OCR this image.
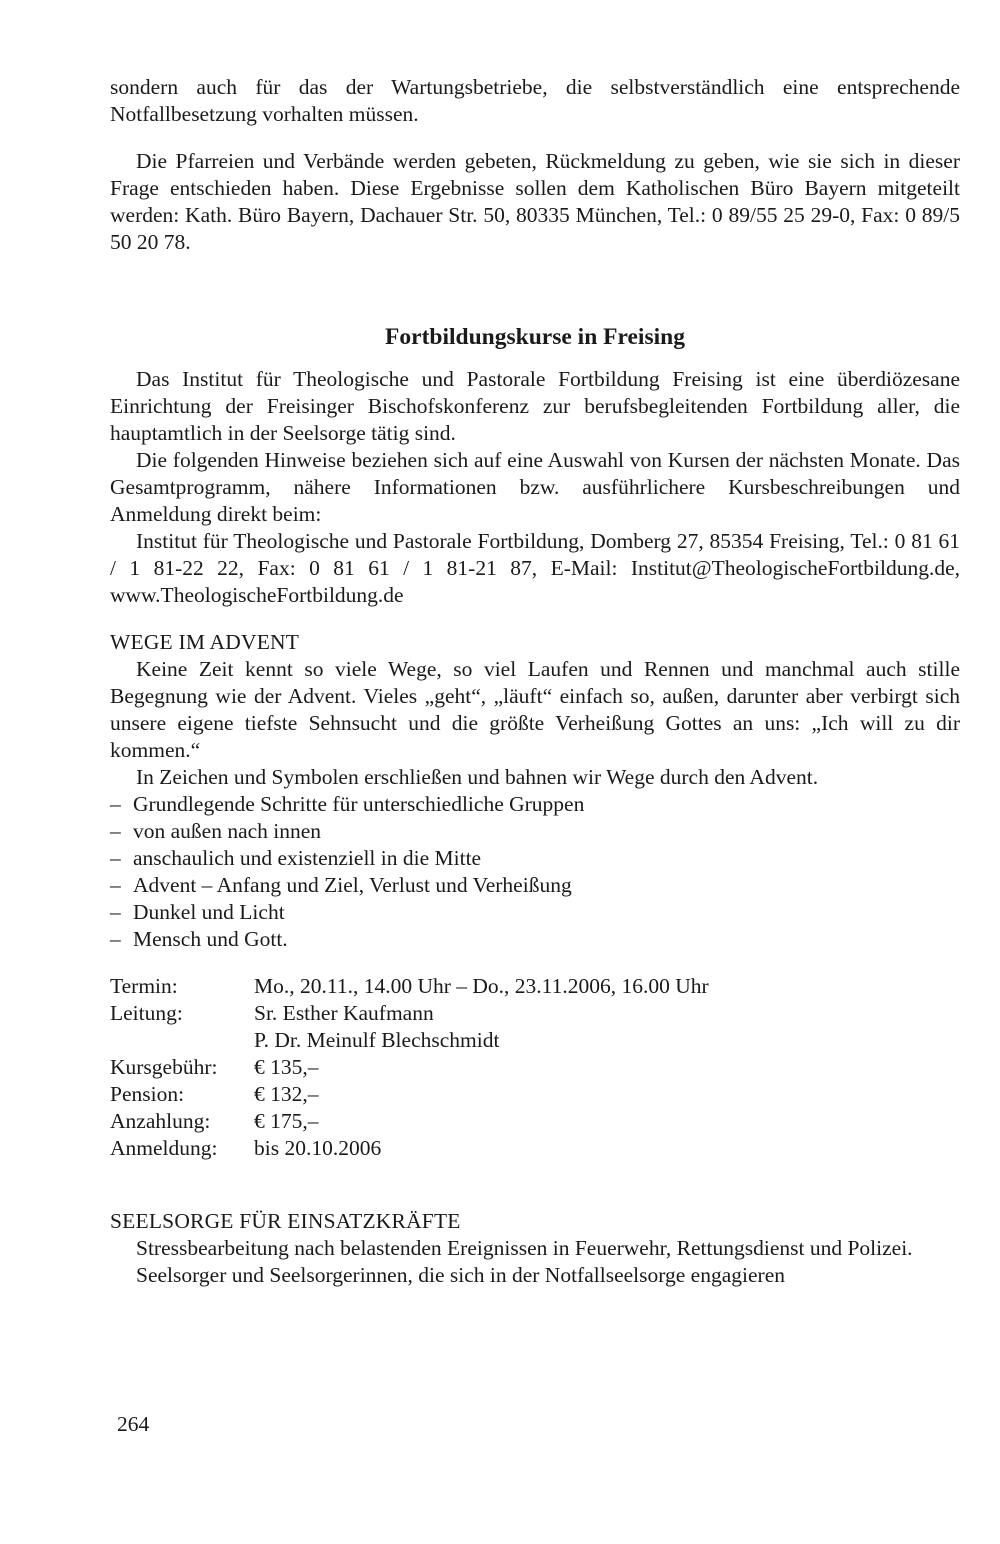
sondern auch für das der Wartungsbetriebe, die selbstverständlich eine entsprechende Notfallbesetzung vorhalten müssen.

Die Pfarreien und Verbände werden gebeten, Rückmeldung zu geben, wie sie sich in dieser Frage entschieden haben. Diese Ergebnisse sollen dem Katholischen Büro Bayern mitgeteilt werden: Kath. Büro Bayern, Dachauer Str. 50, 80335 München, Tel.: 0 89/55 25 29-0, Fax: 0 89/5 50 20 78.

Fortbildungskurse in Freising

Das Institut für Theologische und Pastorale Fortbildung Freising ist eine überdiözesane Einrichtung der Freisinger Bischofskonferenz zur berufsbegleitenden Fortbildung aller, die hauptamtlich in der Seelsorge tätig sind.

Die folgenden Hinweise beziehen sich auf eine Auswahl von Kursen der nächsten Monate. Das Gesamtprogramm, nähere Informationen bzw. ausführlichere Kursbeschreibungen und Anmeldung direkt beim:

Institut für Theologische und Pastorale Fortbildung, Domberg 27, 85354 Freising, Tel.: 0 81 61 / 1 81-22 22, Fax: 0 81 61 / 1 81-21 87, E-Mail: Institut@TheologischeFortbildung.de, www.TheologischeFortbildung.de

WEGE IM ADVENT

Keine Zeit kennt so viele Wege, so viel Laufen und Rennen und manchmal auch stille Begegnung wie der Advent. Vieles „geht“, „läuft“ einfach so, außen, darunter aber verbirgt sich unsere eigene tiefste Sehnsucht und die größte Verheißung Gottes an uns: „Ich will zu dir kommen.“

In Zeichen und Symbolen erschließen und bahnen wir Wege durch den Advent.

– Grundlegende Schritte für unterschiedliche Gruppen
– von außen nach innen
– anschaulich und existenziell in die Mitte
– Advent – Anfang und Ziel, Verlust und Verheißung
– Dunkel und Licht
– Mensch und Gott.
Termin:	Mo., 20.11., 14.00 Uhr – Do., 23.11.2006, 16.00 Uhr
Leitung:	Sr. Esther Kaufmann
	P. Dr. Meinulf Blechschmidt
Kursgebühr:	€ 135,–
Pension:	€ 132,–
Anzahlung:	€ 175,–
Anmeldung:	bis 20.10.2006

SEELSORGE FÜR EINSATZKRÄFTE

Stressbearbeitung nach belastenden Ereignissen in Feuerwehr, Rettungsdienst und Polizei.

Seelsorger und Seelsorgerinnen, die sich in der Notfallseelsorge engagieren

264
